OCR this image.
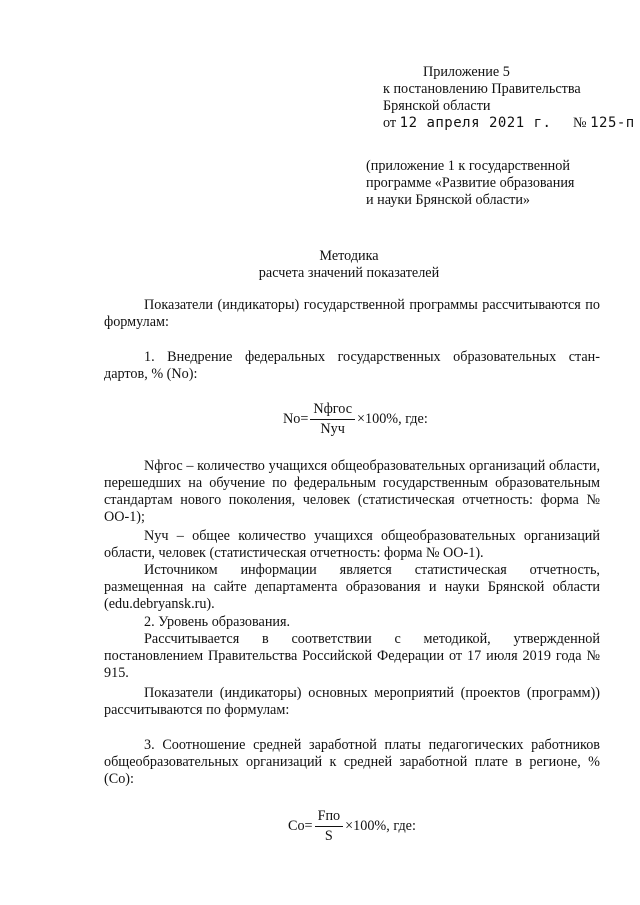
Приложение 5
к постановлению Правительства
Брянской области
от 12 апреля 2021 г. № 125-п
(приложение 1 к государственной
программе «Развитие образования
и науки Брянской области»
Методика
расчета значений показателей
Показатели (индикаторы) государственной программы рассчитываются по формулам:
1. Внедрение федеральных государственных образовательных стан-
дартов, % (No):
$No= \frac{\text{Nфгос}}{\text{Nуч}} \times 100\%$, где:
Nфгос – количество учащихся общеобразовательных организаций области, перешедших на обучение по федеральным государственным образовательным стандартам нового поколения, человек (статистическая отчетность: форма № ОО-1);
Nуч – общее количество учащихся общеобразовательных организаций области, человек (статистическая отчетность: форма № ОО-1).
Источником информации является статистическая отчетность,
размещенная на сайте департамента образования и науки Брянской области (edu.debryansk.ru).
2. Уровень образования.
Рассчитывается в соответствии с методикой, утвержденной постановлением Правительства Российской Федерации от 17 июля 2019 года № 915.
Показатели (индикаторы) основных мероприятий (проектов (программ)) рассчитываются по формулам:
3. Соотношение средней заработной платы педагогических работников общеобразовательных организаций к средней заработной плате в регионе, % (Со):
$Со= \frac{\text{Fпо}}{S} \times 100\%$, где:
